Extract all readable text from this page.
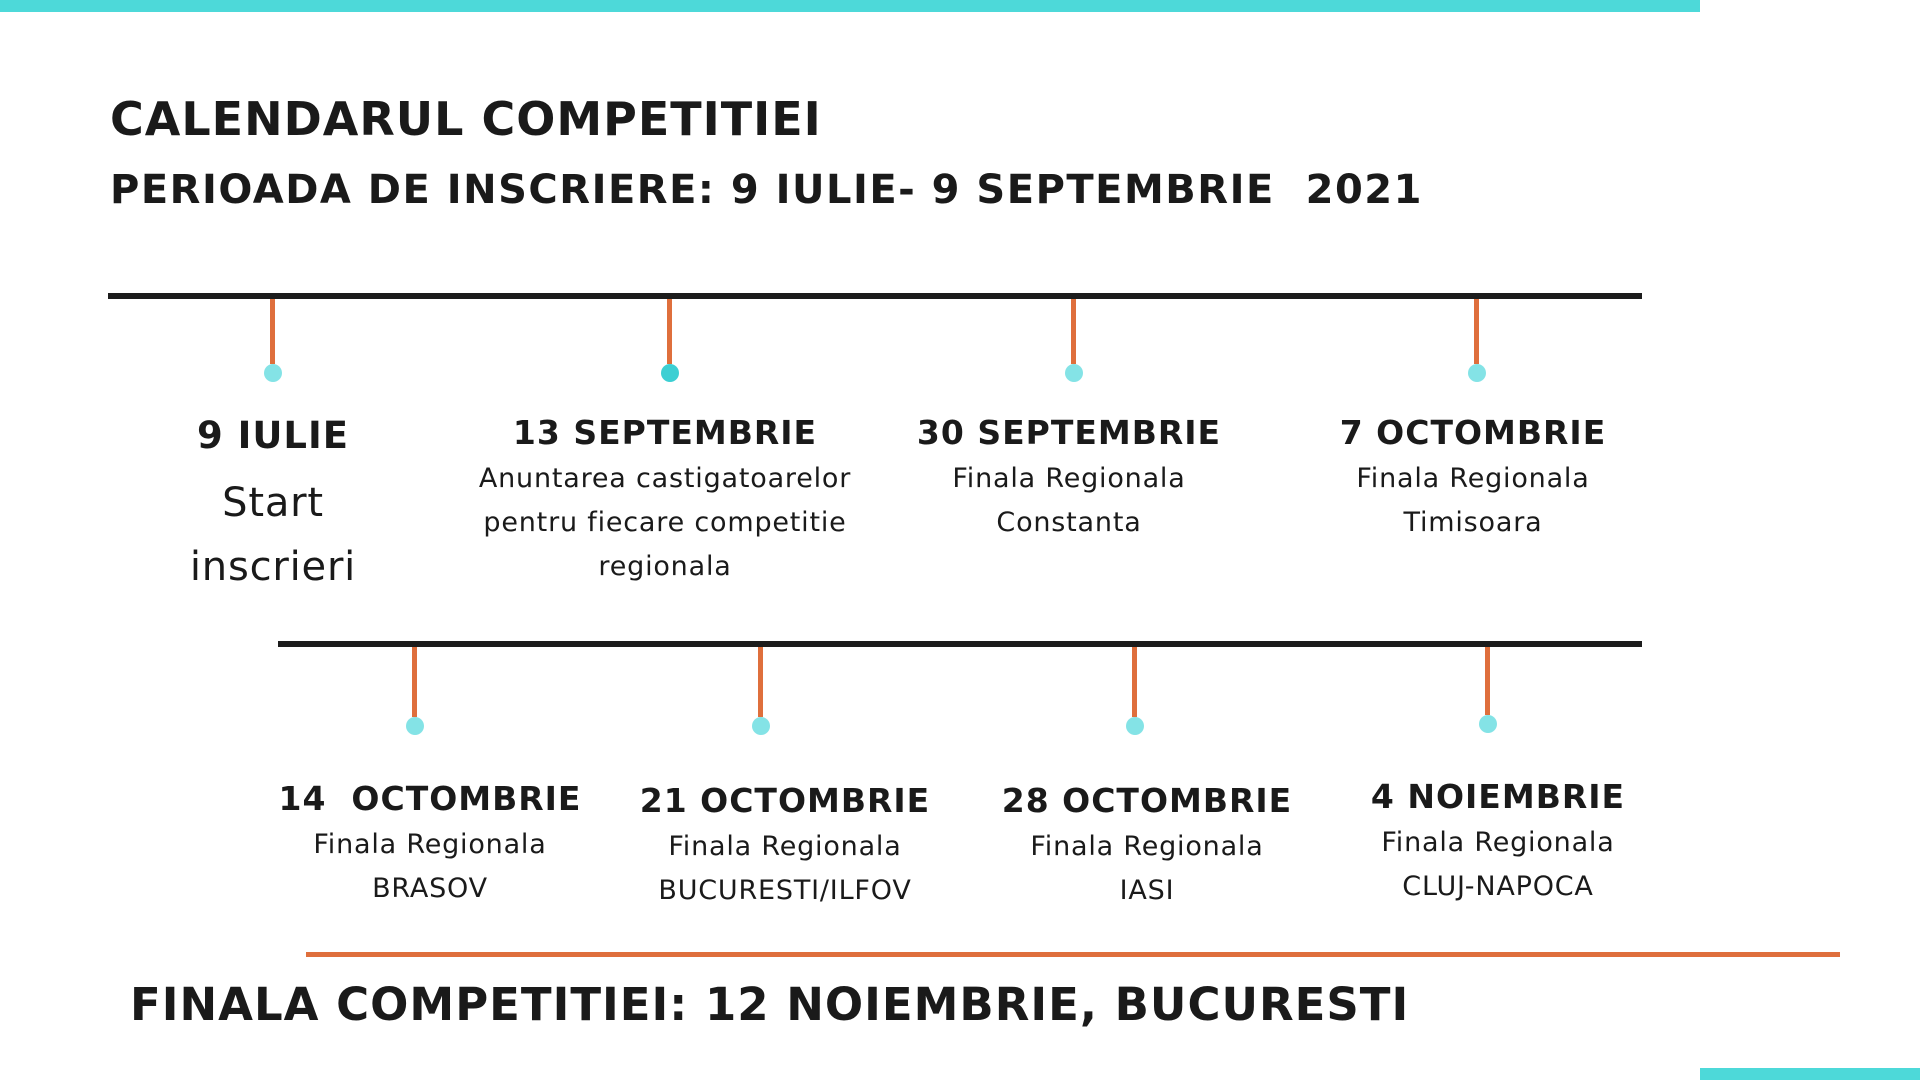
CALENDARUL COMPETITIEI
PERIOADA DE INSCRIERE: 9 IULIE- 9 SEPTEMBRIE  2021
9 IULIE
Start
inscrieri
13 SEPTEMBRIE
Anuntarea castigatoarelor
pentru fiecare competitie
regionala
30 SEPTEMBRIE
Finala Regionala
Constanta
7 OCTOMBRIE
Finala Regionala
Timisoara
14  OCTOMBRIE
Finala Regionala
BRASOV
21 OCTOMBRIE
Finala Regionala
BUCURESTI/ILFOV
28 OCTOMBRIE
Finala Regionala
IASI
4 NOIEMBRIE
Finala Regionala
CLUJ-NAPOCA
FINALA COMPETITIEI: 12 NOIEMBRIE, BUCURESTI
